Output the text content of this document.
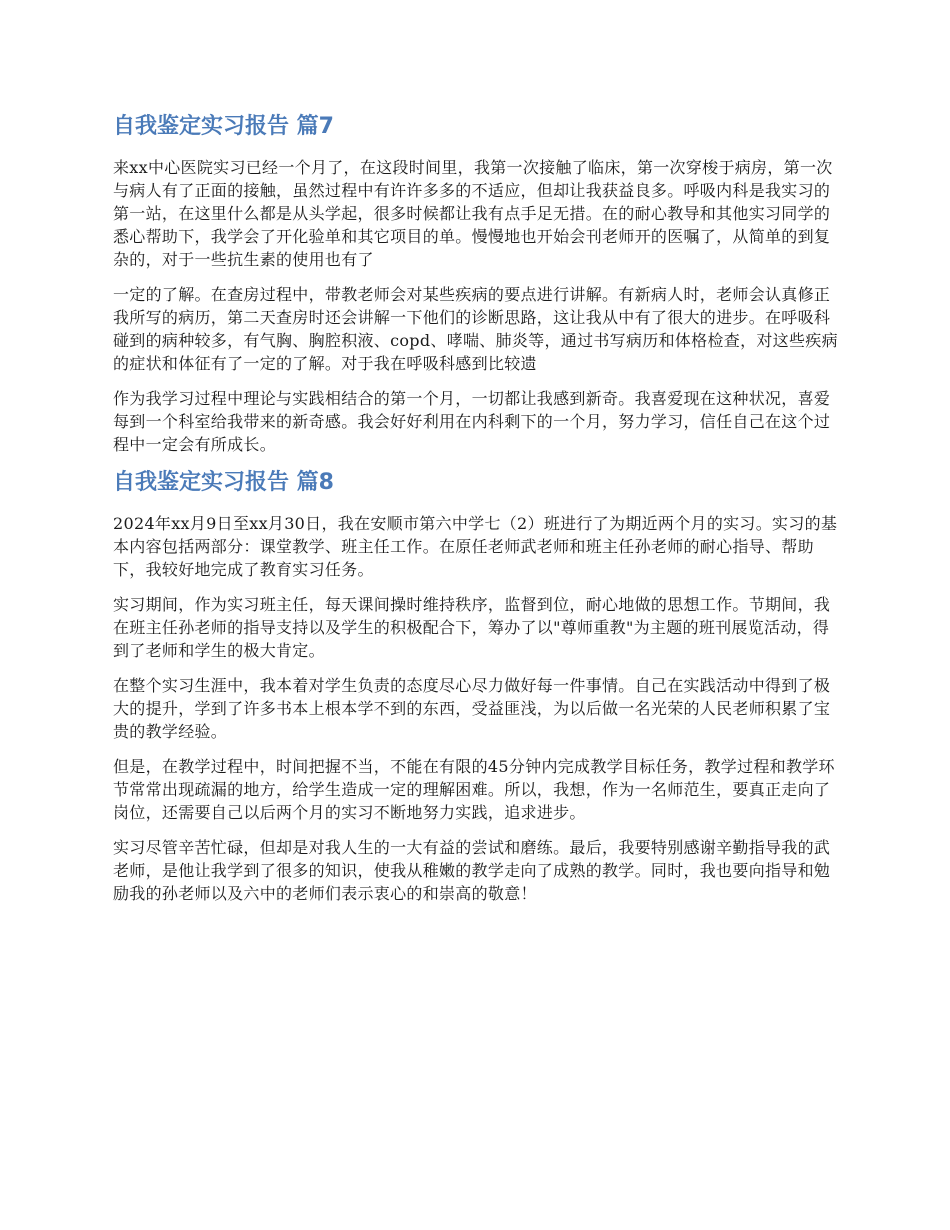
自我鉴定实习报告 篇7

来xx中心医院实习已经一个月了，在这段时间里，我第一次接触了临床，第一次穿梭于病房，第一次与病人有了正面的接触，虽然过程中有许许多多的不适应，但却让我获益良多。呼吸内科是我实习的第一站，在这里什么都是从头学起，很多时候都让我有点手足无措。在的耐心教导和其他实习同学的悉心帮助下，我学会了开化验单和其它项目的单。慢慢地也开始会刊老师开的医嘱了，从简单的到复杂的，对于一些抗生素的使用也有了

一定的了解。在查房过程中，带教老师会对某些疾病的要点进行讲解。有新病人时，老师会认真修正我所写的病历，第二天查房时还会讲解一下他们的诊断思路，这让我从中有了很大的进步。在呼吸科碰到的病种较多，有气胸、胸腔积液、copd、哮喘、肺炎等，通过书写病历和体格检查，对这些疾病的症状和体征有了一定的了解。对于我在呼吸科感到比较遗

作为我学习过程中理论与实践相结合的第一个月，一切都让我感到新奇。我喜爱现在这种状况，喜爱每到一个科室给我带来的新奇感。我会好好利用在内科剩下的一个月，努力学习，信任自己在这个过程中一定会有所成长。

自我鉴定实习报告 篇8

2024年xx月9日至xx月30日，我在安顺市第六中学七（2）班进行了为期近两个月的实习。实习的基本内容包括两部分：课堂教学、班主任工作。在原任老师武老师和班主任孙老师的耐心指导、帮助下，我较好地完成了教育实习任务。

实习期间，作为实习班主任，每天课间操时维持秩序，监督到位，耐心地做的思想工作。节期间，我在班主任孙老师的指导支持以及学生的积极配合下，筹办了以"尊师重教"为主题的班刊展览活动，得到了老师和学生的极大肯定。

在整个实习生涯中，我本着对学生负责的态度尽心尽力做好每一件事情。自己在实践活动中得到了极大的提升，学到了许多书本上根本学不到的东西，受益匪浅，为以后做一名光荣的人民老师积累了宝贵的教学经验。

但是，在教学过程中，时间把握不当，不能在有限的45分钟内完成教学目标任务，教学过程和教学环节常常出现疏漏的地方，给学生造成一定的理解困难。所以，我想，作为一名师范生，要真正走向了岗位，还需要自己以后两个月的实习不断地努力实践，追求进步。

实习尽管辛苦忙碌，但却是对我人生的一大有益的尝试和磨练。最后，我要特别感谢辛勤指导我的武老师，是他让我学到了很多的知识，使我从稚嫩的教学走向了成熟的教学。同时，我也要向指导和勉励我的孙老师以及六中的老师们表示衷心的和崇高的敬意！
